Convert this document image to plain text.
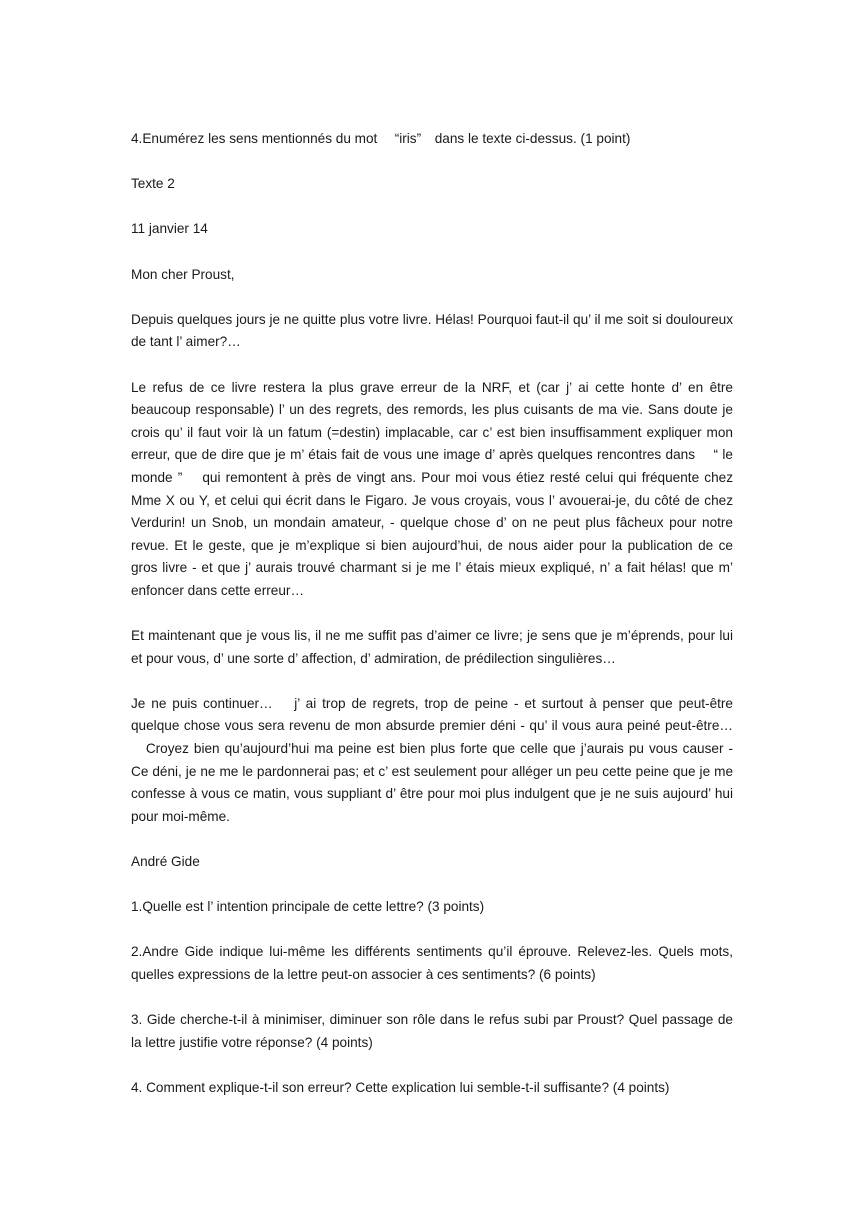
4.Enumérez les sens mentionnés du mot 　“iris”　dans le texte ci-dessus. (1 point)

Texte 2

11 janvier 14

Mon cher Proust,

Depuis quelques jours je ne quitte plus votre livre. Hélas! Pourquoi faut-il qu’ il me soit si douloureux de tant l’ aimer?…

Le refus de ce livre restera la plus grave erreur de la NRF, et (car j’ ai cette honte d’ en être beaucoup responsable) l’ un des regrets, des remords, les plus cuisants de ma vie. Sans doute je crois qu’ il faut voir là un fatum (=destin) implacable, car c’ est bien insuffisamment expliquer mon erreur, que de dire que je m’ étais fait de vous une image d’ après quelques rencontres dans 　“ le monde ” 　qui remontent à près de vingt ans. Pour moi vous étiez resté celui qui fréquente chez Mme X ou Y, et celui qui écrit dans le Figaro. Je vous croyais, vous l’ avouerai-je, du côté de chez Verdurin! un Snob, un mondain amateur, - quelque chose d’ on ne peut plus fâcheux pour notre revue. Et le geste, que je m’explique si bien aujourd’hui, de nous aider pour la publication de ce gros livre - et que j’ aurais trouvé charmant si je me l’ étais mieux expliqué, n’ a fait hélas! que m’ enfoncer dans cette erreur…

Et maintenant que je vous lis, il ne me suffit pas d’aimer ce livre; je sens que je m’éprends, pour lui et pour vous, d’ une sorte d’ affection, d’ admiration, de prédilection singulières…

Je ne puis continuer… 　j’ ai trop de regrets, trop de peine - et surtout à penser que peut-être quelque chose vous sera revenu de mon absurde premier déni - qu’ il vous aura peiné peut-être… 　Croyez bien qu’aujourd’hui ma peine est bien plus forte que celle que j’aurais pu vous causer - Ce déni, je ne me le pardonnerai pas; et c’ est seulement pour alléger un peu cette peine que je me confesse à vous ce matin, vous suppliant d’ être pour moi plus indulgent que je ne suis aujourd’ hui pour moi-même.

André Gide

1.Quelle est l’ intention principale de cette lettre? (3 points)

2.Andre Gide indique lui-même les différents sentiments qu’il éprouve. Relevez-les. Quels mots, quelles expressions de la lettre peut-on associer à ces sentiments? (6 points)

3. Gide cherche-t-il à minimiser, diminuer son rôle dans le refus subi par Proust? Quel passage de la lettre justifie votre réponse? (4 points)

4. Comment explique-t-il son erreur? Cette explication lui semble-t-il suffisante? (4 points)
